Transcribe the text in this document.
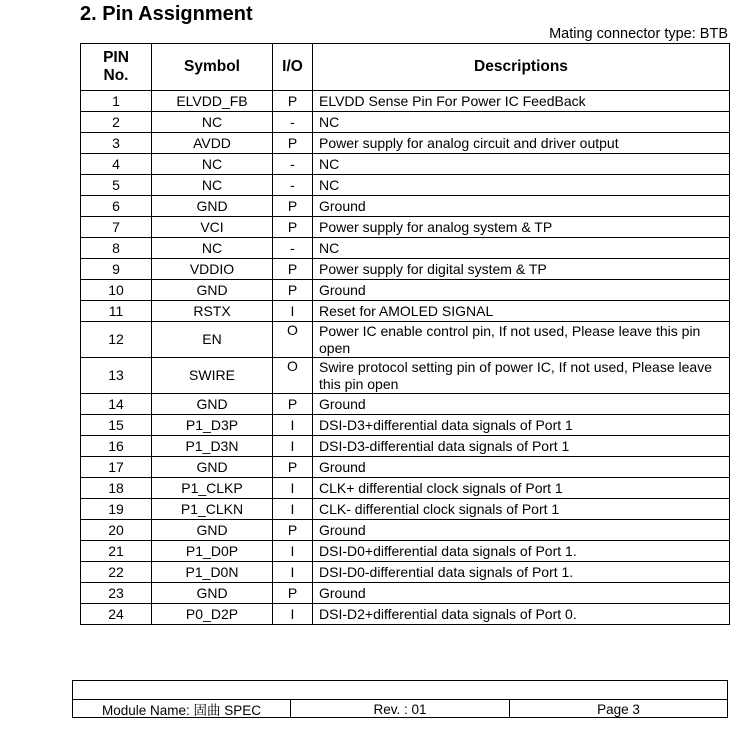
2. Pin Assignment
Mating connector type: BTB
PIN
No.	Symbol	I/O	Descriptions
1	ELVDD_FB	P	ELVDD Sense Pin For Power IC FeedBack
2	NC	-	NC
3	AVDD	P	Power supply for analog circuit and driver output
4	NC	-	NC
5	NC	-	NC
6	GND	P	Ground
7	VCI	P	Power supply for analog system & TP
8	NC	-	NC
9	VDDIO	P	Power supply for digital system & TP
10	GND	P	Ground
11	RSTX	I	Reset for AMOLED SIGNAL
12	EN	O	Power IC enable control pin, If not used, Please leave this pin open
13	SWIRE	O	Swire protocol setting pin of power IC, If not used, Please leave this pin open
14	GND	P	Ground
15	P1_D3P	I	DSI-D3+differential data signals of Port 1
16	P1_D3N	I	DSI-D3-differential data signals of Port 1
17	GND	P	Ground
18	P1_CLKP	I	CLK+ differential clock signals of Port 1
19	P1_CLKN	I	CLK- differential clock signals of Port 1
20	GND	P	Ground
21	P1_D0P	I	DSI-D0+differential data signals of Port 1.
22	P1_D0N	I	DSI-D0-differential data signals of Port 1.
23	GND	P	Ground
24	P0_D2P	I	DSI-D2+differential data signals of Port 0.
Module Name: 固曲 SPEC	Rev. : 01	Page 3
